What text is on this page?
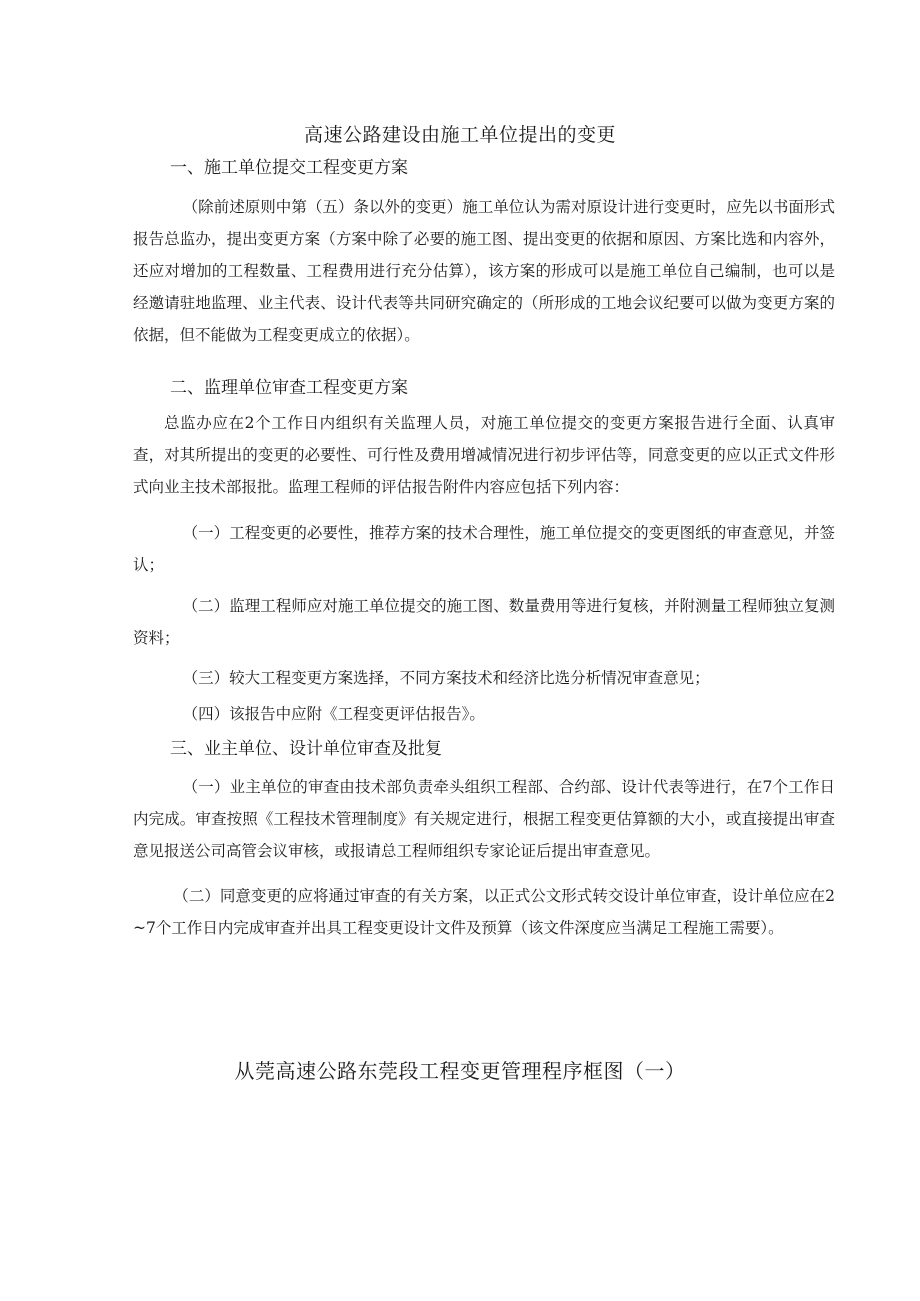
高速公路建设由施工单位提出的变更
一、施工单位提交工程变更方案
（除前述原则中第（五）条以外的变更）施工单位认为需对原设计进行变更时，应先以书面形式报告总监办，提出变更方案（方案中除了必要的施工图、提出变更的依据和原因、方案比选和内容外，还应对增加的工程数量、工程费用进行充分估算），该方案的形成可以是施工单位自己编制，也可以是经邀请驻地监理、业主代表、设计代表等共同研究确定的（所形成的工地会议纪要可以做为变更方案的依据，但不能做为工程变更成立的依据）。
二、监理单位审查工程变更方案
总监办应在2个工作日内组织有关监理人员，对施工单位提交的变更方案报告进行全面、认真审查，对其所提出的变更的必要性、可行性及费用增减情况进行初步评估等，同意变更的应以正式文件形式向业主技术部报批。监理工程师的评估报告附件内容应包括下列内容：
（一）工程变更的必要性，推荐方案的技术合理性，施工单位提交的变更图纸的审查意见，并签认；
（二）监理工程师应对施工单位提交的施工图、数量费用等进行复核，并附测量工程师独立复测资料；
（三）较大工程变更方案选择，不同方案技术和经济比选分析情况审查意见；
（四）该报告中应附《工程变更评估报告》。
三、业主单位、设计单位审查及批复
（一）业主单位的审查由技术部负责牵头组织工程部、合约部、设计代表等进行，在7个工作日内完成。审查按照《工程技术管理制度》有关规定进行，根据工程变更估算额的大小，或直接提出审查意见报送公司高管会议审核，或报请总工程师组织专家论证后提出审查意见。
（二）同意变更的应将通过审查的有关方案，以正式公文形式转交设计单位审查，设计单位应在2~7个工作日内完成审查并出具工程变更设计文件及预算（该文件深度应当满足工程施工需要）。
从莞高速公路东莞段工程变更管理程序框图（一）
